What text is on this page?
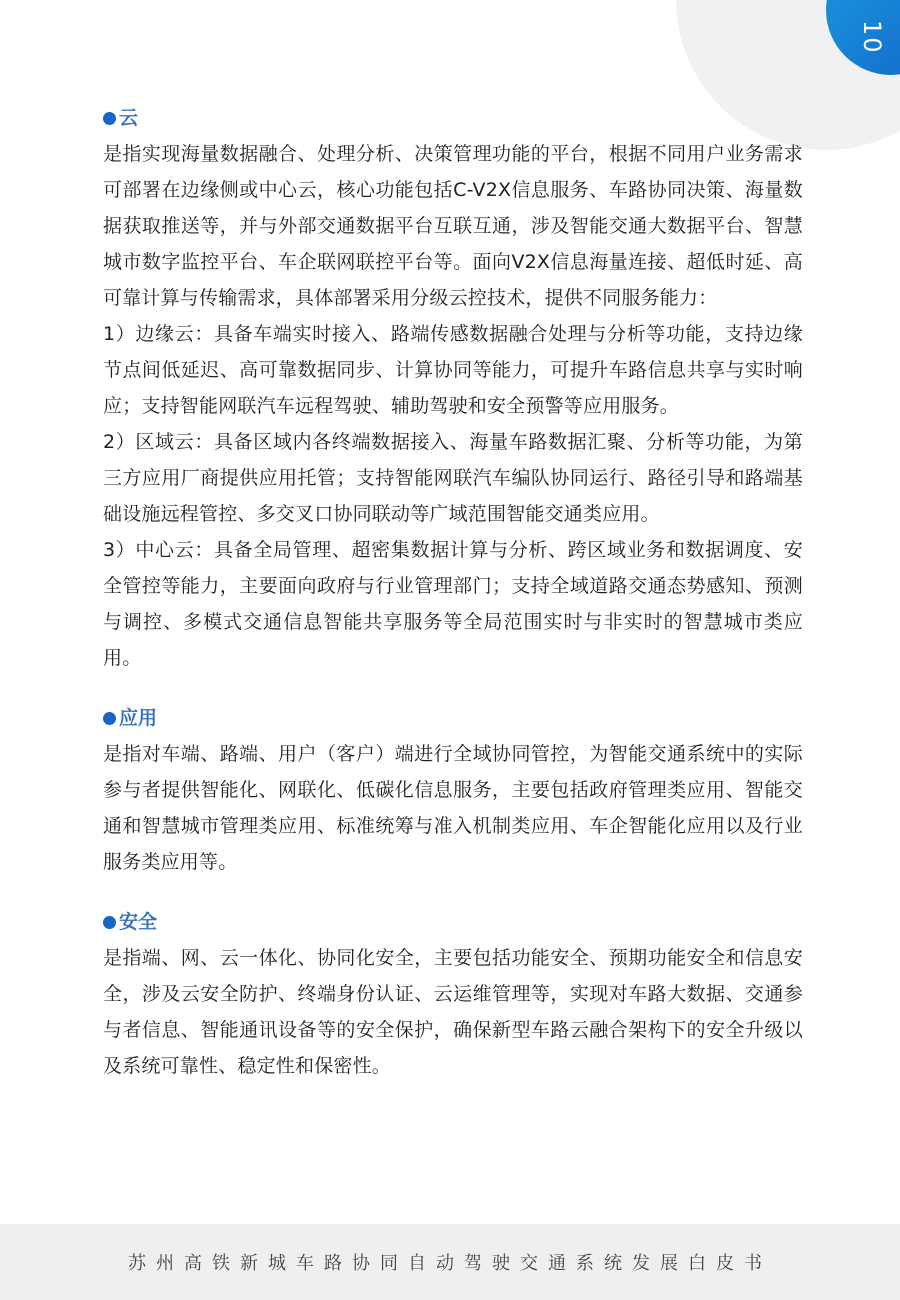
10
云

是指实现海量数据融合、处理分析、决策管理功能的平台，根据不同用户业务需求可部署在边缘侧或中心云，核心功能包括C-V2X信息服务、车路协同决策、海量数据获取推送等，并与外部交通数据平台互联互通，涉及智能交通大数据平台、智慧城市数字监控平台、车企联网联控平台等。面向V2X信息海量连接、超低时延、高可靠计算与传输需求，具体部署采用分级云控技术，提供不同服务能力：

1）边缘云：具备车端实时接入、路端传感数据融合处理与分析等功能，支持边缘节点间低延迟、高可靠数据同步、计算协同等能力，可提升车路信息共享与实时响应；支持智能网联汽车远程驾驶、辅助驾驶和安全预警等应用服务。

2）区域云：具备区域内各终端数据接入、海量车路数据汇聚、分析等功能，为第三方应用厂商提供应用托管；支持智能网联汽车编队协同运行、路径引导和路端基础设施远程管控、多交叉口协同联动等广域范围智能交通类应用。

3）中心云：具备全局管理、超密集数据计算与分析、跨区域业务和数据调度、安全管控等能力，主要面向政府与行业管理部门；支持全域道路交通态势感知、预测与调控、多模式交通信息智能共享服务等全局范围实时与非实时的智慧城市类应用。

应用

是指对车端、路端、用户（客户）端进行全域协同管控，为智能交通系统中的实际参与者提供智能化、网联化、低碳化信息服务，主要包括政府管理类应用、智能交通和智慧城市管理类应用、标准统筹与准入机制类应用、车企智能化应用以及行业服务类应用等。

安全

是指端、网、云一体化、协同化安全，主要包括功能安全、预期功能安全和信息安全，涉及云安全防护、终端身份认证、云运维管理等，实现对车路大数据、交通参与者信息、智能通讯设备等的安全保护，确保新型车路云融合架构下的安全升级以及系统可靠性、稳定性和保密性。

苏州高铁新城车路协同自动驾驶交通系统发展白皮书
